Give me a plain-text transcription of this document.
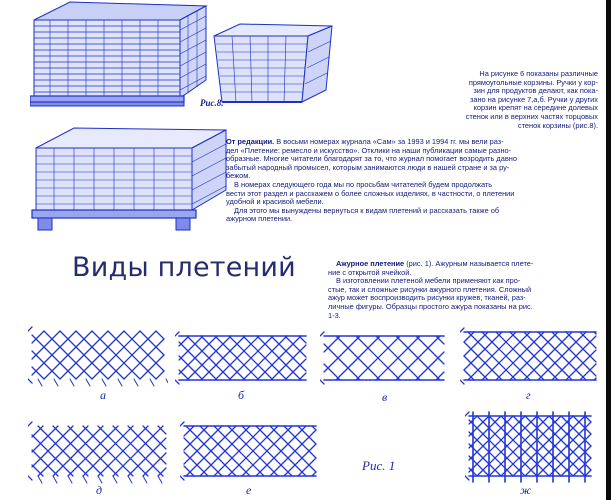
Рис.8.

На рисунке 6 показаны различные

прямоугольные корзины. Ручки у кор-

зин для продуктов делают, как пока-

зано на рисунке 7,а,б. Ручки у других

корзин крепят на середине долевых

стенок или в верхних частях торцовых

стенок корзины (рис.8).

От редакции. В восьми номерах журнала «Сам» за 1993 и 1994 гг. мы вели раз-

дел «Плетение: ремесло и искусство». Отклики на наши публикации самые разно-

образные. Многие читатели благодарят за то, что журнал помогает возродить давно

забытый народный промысел, которым занимаются люди в нашей стране и за ру-

бежом.

В номерах следующего года мы по просьбам читателей будем продолжать

вести этот раздел и расскажем о более сложных изделиях, в частности, о плетении

удобной и красивой мебели.

Для этого мы вынуждены вернуться к видам плетений и рассказать также об

ажурном плетении.

Виды плетений	Ажурное плетение (рис. 1). Ажурным называется плете-

ние с открытой ячейкой.

В изготовлении плетеной мебели применяют как про-

стые, так и сложные рисунки ажурного плетения. Сложный

ажур может воспроизводить рисунки кружев, тканей, раз-

личные фигуры. Образцы простого ажура показаны на рис.

1-3.

а	б	в	г
д	е	ж
Рис. 1
